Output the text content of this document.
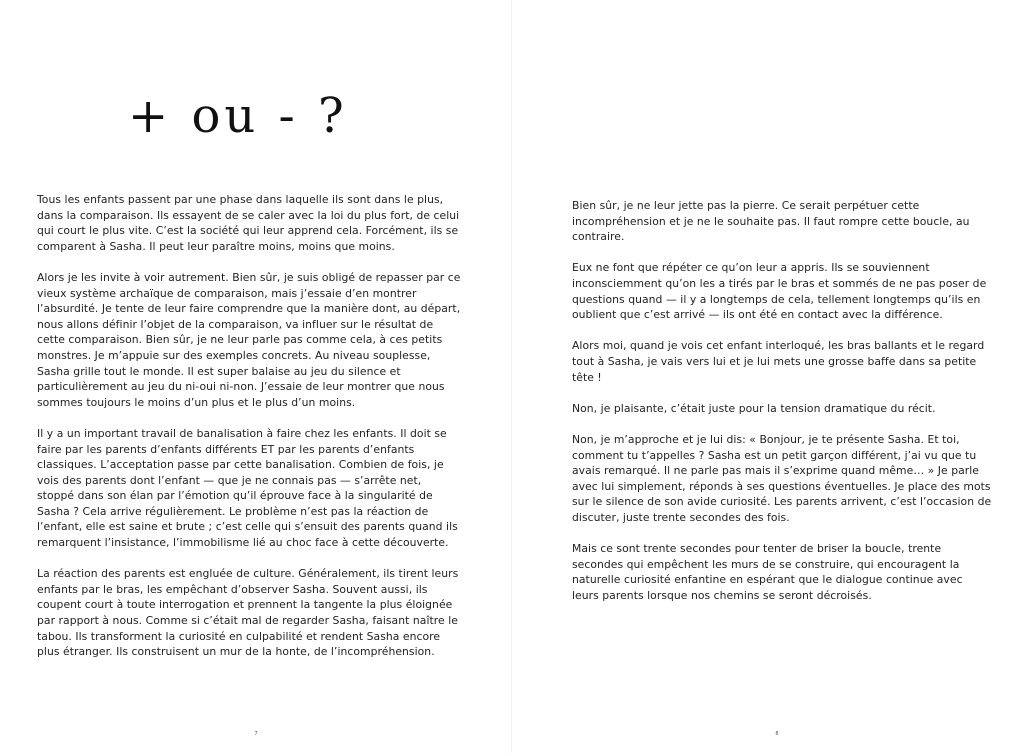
+ ou - ?

Tous les enfants passent par une phase dans laquelle ils sont dans le plus, dans la comparaison. Ils essayent de se caler avec la loi du plus fort, de celui qui court le plus vite. C’est la société qui leur apprend cela. Forcément, ils se comparent à Sasha. Il peut leur paraître moins, moins que moins.

Alors je les invite à voir autrement. Bien sûr, je suis obligé de repasser par ce vieux système archaïque de comparaison, mais j’essaie d’en montrer l’absurdité. Je tente de leur faire comprendre que la manière dont, au départ, nous allons définir l’objet de la comparaison, va influer sur le résultat de cette comparaison. Bien sûr, je ne leur parle pas comme cela, à ces petits monstres. Je m’appuie sur des exemples concrets. Au niveau souplesse, Sasha grille tout le monde. Il est super balaise au jeu du silence et particulièrement au jeu du ni-oui ni-non. J’essaie de leur montrer que nous sommes toujours le moins d’un plus et le plus d’un moins.

Il y a un important travail de banalisation à faire chez les enfants. Il doit se faire par les parents d’enfants différents ET par les parents d’enfants classiques. L’acceptation passe par cette banalisation. Combien de fois, je vois des parents dont l’enfant — que je ne connais pas — s’arrête net, stoppé dans son élan par l’émotion qu’il éprouve face à la singularité de Sasha ? Cela arrive régulièrement. Le problème n’est pas la réaction de l’enfant, elle est saine et brute ; c’est celle qui s’ensuit des parents quand ils remarquent l’insistance, l’immobilisme lié au choc face à cette découverte.

La réaction des parents est engluée de culture. Généralement, ils tirent leurs enfants par le bras, les empêchant d’observer Sasha. Souvent aussi, ils coupent court à toute interrogation et prennent la tangente la plus éloignée par rapport à nous. Comme si c’était mal de regarder Sasha, faisant naître le tabou. Ils transforment la curiosité en culpabilité et rendent Sasha encore plus étranger. Ils construisent un mur de la honte, de l’incompréhension.

7

Bien sûr, je ne leur jette pas la pierre. Ce serait perpétuer cette incompréhension et je ne le souhaite pas. Il faut rompre cette boucle, au contraire.

Eux ne font que répéter ce qu’on leur a appris. Ils se souviennent inconsciemment qu’on les a tirés par le bras et sommés de ne pas poser de questions quand — il y a longtemps de cela, tellement longtemps qu’ils en oublient que c’est arrivé — ils ont été en contact avec la différence.

Alors moi, quand je vois cet enfant interloqué, les bras ballants et le regard tout à Sasha, je vais vers lui et je lui mets une grosse baffe dans sa petite tête !

Non, je plaisante, c’était juste pour la tension dramatique du récit.

Non, je m’approche et je lui dis: « Bonjour, je te présente Sasha. Et toi, comment tu t’appelles ? Sasha est un petit garçon différent, j’ai vu que tu avais remarqué. Il ne parle pas mais il s’exprime quand même… » Je parle avec lui simplement, réponds à ses questions éventuelles. Je place des mots sur le silence de son avide curiosité. Les parents arrivent, c’est l’occasion de discuter, juste trente secondes des fois.

Mais ce sont trente secondes pour tenter de briser la boucle, trente secondes qui empêchent les murs de se construire, qui encouragent la naturelle curiosité enfantine en espérant que le dialogue continue avec leurs parents lorsque nos chemins se seront décroisés.

8
